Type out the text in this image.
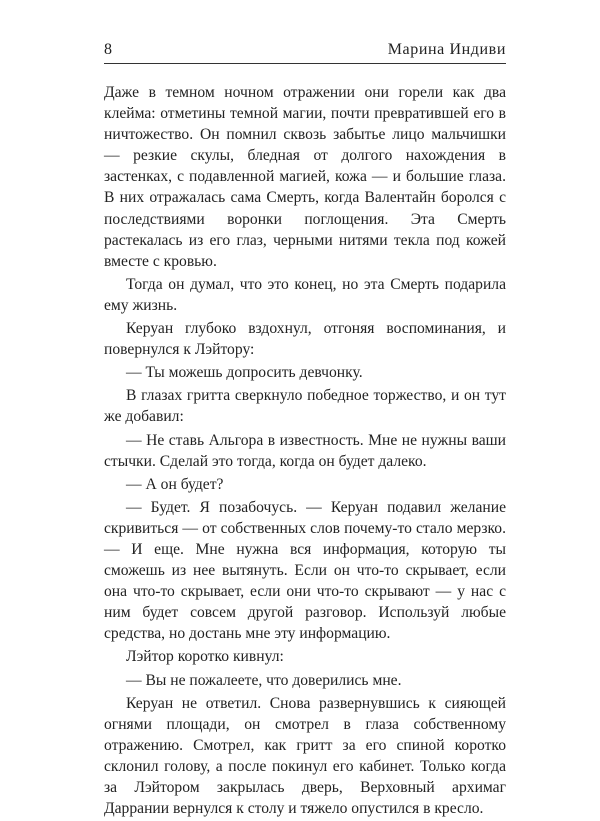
8	Марина Индиви

Даже в темном ночном отражении они горели как два клейма: отметины темной магии, почти превратившей его в ничтожество. Он помнил сквозь забытье лицо мальчишки — резкие скулы, бледная от долгого нахождения в застенках, с подавленной магией, кожа — и большие глаза. В них отражалась сама Смерть, когда Валентайн боролся с последствиями воронки поглощения. Эта Смерть растекалась из его глаз, черными нитями текла под кожей вместе с кровью.

Тогда он думал, что это конец, но эта Смерть подарила ему жизнь.

Керуан глубоко вздохнул, отгоняя воспоминания, и повернулся к Лэйтору:

— Ты можешь допросить девчонку.

В глазах гритта сверкнуло победное торжество, и он тут же добавил:

— Не ставь Альгора в известность. Мне не нужны ваши стычки. Сделай это тогда, когда он будет далеко.

— А он будет?

— Будет. Я позабочусь. — Керуан подавил желание скривиться — от собственных слов почему-то стало мерзко. — И еще. Мне нужна вся информация, которую ты сможешь из нее вытянуть. Если он что-то скрывает, если она что-то скрывает, если они что-то скрывают — у нас с ним будет совсем другой разговор. Используй любые средства, но достань мне эту информацию.

Лэйтор коротко кивнул:

— Вы не пожалеете, что доверились мне.

Керуан не ответил. Снова развернувшись к сияющей огнями площади, он смотрел в глаза собственному отражению. Смотрел, как гритт за его спиной коротко склонил голову, а после покинул его кабинет. Только когда за Лэйтором закрылась дверь, Верховный архимаг Даррании вернулся к столу и тяжело опустился в кресло.
